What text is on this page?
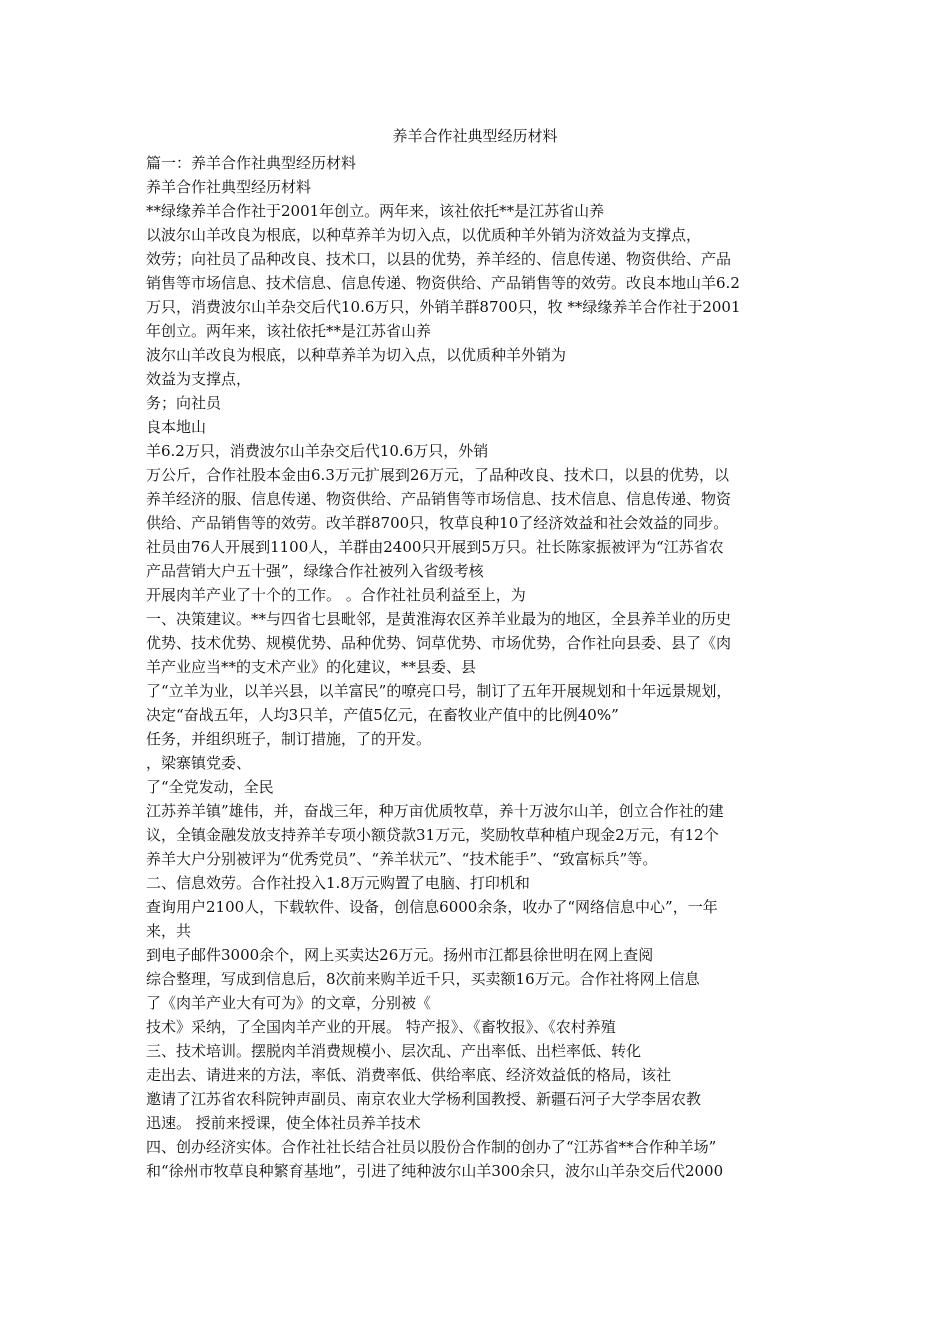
养羊合作社典型经历材料

篇一：养羊合作社典型经历材料

养羊合作社典型经历材料

**绿缘养羊合作社于2001年创立。两年来，该社依托**是江苏省山养

以波尔山羊改良为根底，以种草养羊为切入点，以优质种羊外销为济效益为支撑点，

效劳；向社员了品种改良、技术口，以县的优势，养羊经的、信息传递、物资供给、产品

销售等市场信息、技术信息、信息传递、物资供给、产品销售等的效劳。改良本地山羊6.2

万只，消费波尔山羊杂交后代10.6万只，外销羊群8700只，牧 **绿缘养羊合作社于2001

年创立。两年来，该社依托**是江苏省山养

波尔山羊改良为根底，以种草养羊为切入点，以优质种羊外销为

效益为支撑点，

务；向社员

良本地山

羊6.2万只，消费波尔山羊杂交后代10.6万只，外销

万公斤，合作社股本金由6.3万元扩展到26万元，了品种改良、技术口，以县的优势，以

养羊经济的服、信息传递、物资供给、产品销售等市场信息、技术信息、信息传递、物资

供给、产品销售等的效劳。改羊群8700只，牧草良种10了经济效益和社会效益的同步。

社员由76人开展到1100人，羊群由2400只开展到5万只。社长陈家振被评为“江苏省农

产品营销大户五十强”，绿缘合作社被列入省级考核

开展肉羊产业了十个的工作。 。合作社社员利益至上，为

一、决策建议。**与四省七县毗邻，是黄淮海农区养羊业最为的地区，全县养羊业的历史

优势、技术优势、规模优势、品种优势、饲草优势、市场优势，合作社向县委、县了《肉

羊产业应当**的支术产业》的化建议，**县委、县

了“立羊为业，以羊兴县，以羊富民”的嘹亮口号，制订了五年开展规划和十年远景规划，

决定“奋战五年，人均3只羊，产值5亿元，在畜牧业产值中的比例40%”

任务，并组织班子，制订措施，了的开发。

，梁寨镇党委、

了“全党发动，全民

江苏养羊镇”雄伟，并，奋战三年，种万亩优质牧草，养十万波尔山羊，创立合作社的建

议，全镇金融发放支持养羊专项小额贷款31万元，奖励牧草种植户现金2万元，有12个

养羊大户分别被评为“优秀党员”、“养羊状元”、“技术能手”、“致富标兵”等。

二、信息效劳。合作社投入1.8万元购置了电脑、打印机和

查询用户2100人，下载软件、设备，创信息6000余条，收办了“网络信息中心”，一年

来，共

到电子邮件3000余个，网上买卖达26万元。扬州市江都县徐世明在网上查阅

综合整理，写成到信息后，8次前来购羊近千只，买卖额16万元。合作社将网上信息

了《肉羊产业大有可为》的文章，分别被《

技术》采纳，了全国肉羊产业的开展。 特产报》、《畜牧报》、《农村养殖

三、技术培训。摆脱肉羊消费规模小、层次乱、产出率低、出栏率低、转化

走出去、请进来的方法，率低、消费率低、供给率底、经济效益低的格局，该社

邀请了江苏省农科院钟声副员、南京农业大学杨利国教授、新疆石河子大学李居农教

迅速。 授前来授课，使全体社员养羊技术

四、创办经济实体。合作社社长结合社员以股份合作制的创办了“江苏省**合作种羊场”

和“徐州市牧草良种繁育基地”，引进了纯种波尔山羊300余只，波尔山羊杂交后代2000
